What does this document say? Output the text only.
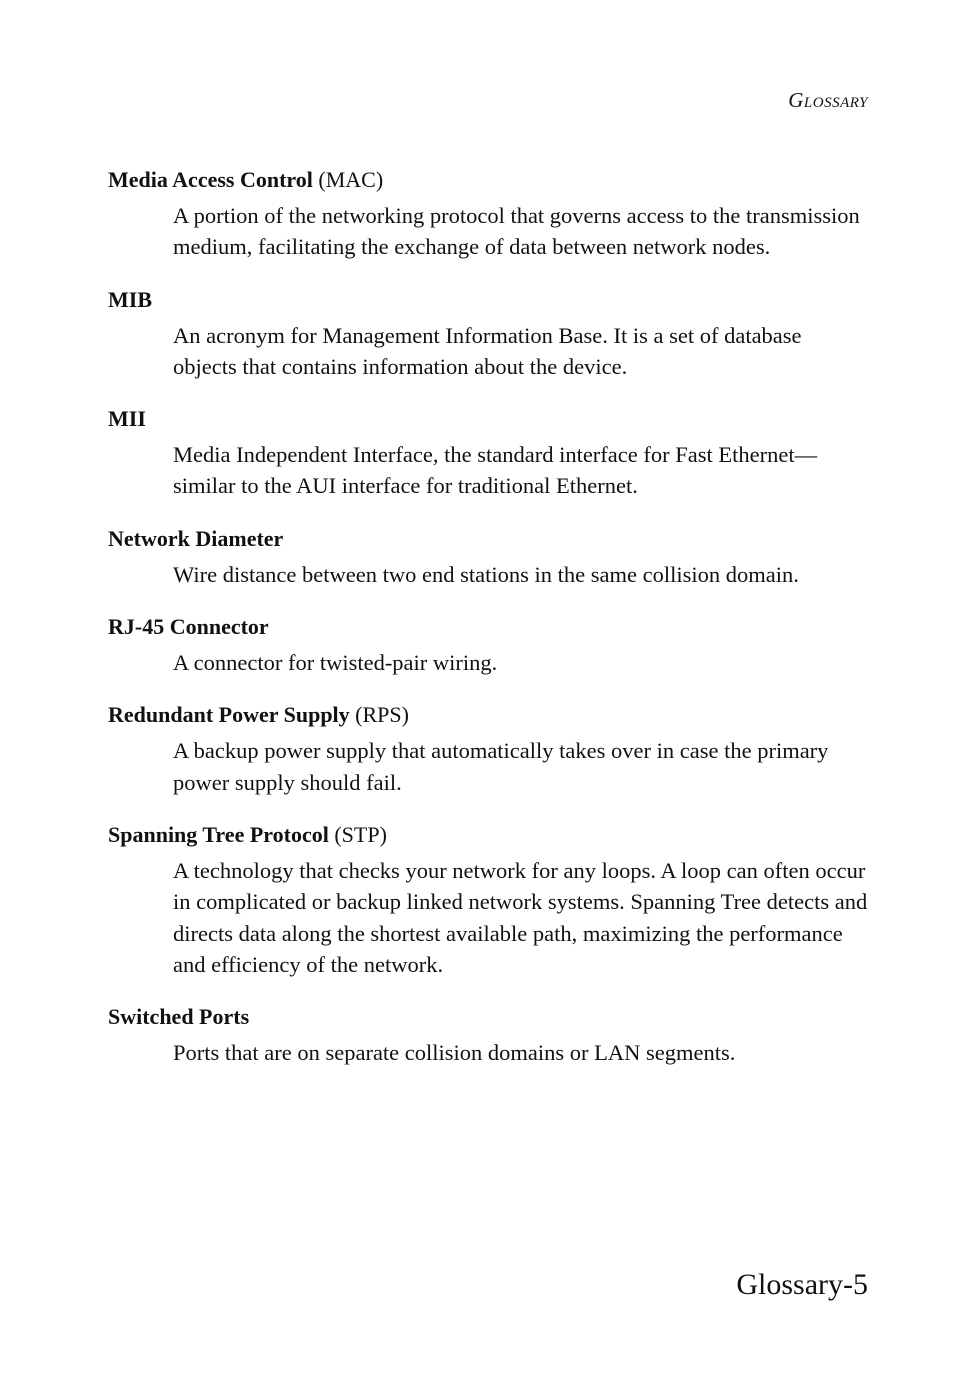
Glossary
Media Access Control (MAC)

A portion of the networking protocol that governs access to the transmission medium, facilitating the exchange of data between network nodes.

MIB

An acronym for Management Information Base. It is a set of database objects that contains information about the device.

MII

Media Independent Interface, the standard interface for Fast Ethernet—similar to the AUI interface for traditional Ethernet.

Network Diameter

Wire distance between two end stations in the same collision domain.

RJ-45 Connector

A connector for twisted-pair wiring.

Redundant Power Supply (RPS)

A backup power supply that automatically takes over in case the primary power supply should fail.

Spanning Tree Protocol (STP)

A technology that checks your network for any loops. A loop can often occur in complicated or backup linked network systems. Spanning Tree detects and directs data along the shortest available path, maximizing the performance and efficiency of the network.

Switched Ports

Ports that are on separate collision domains or LAN segments.

Glossary-5
